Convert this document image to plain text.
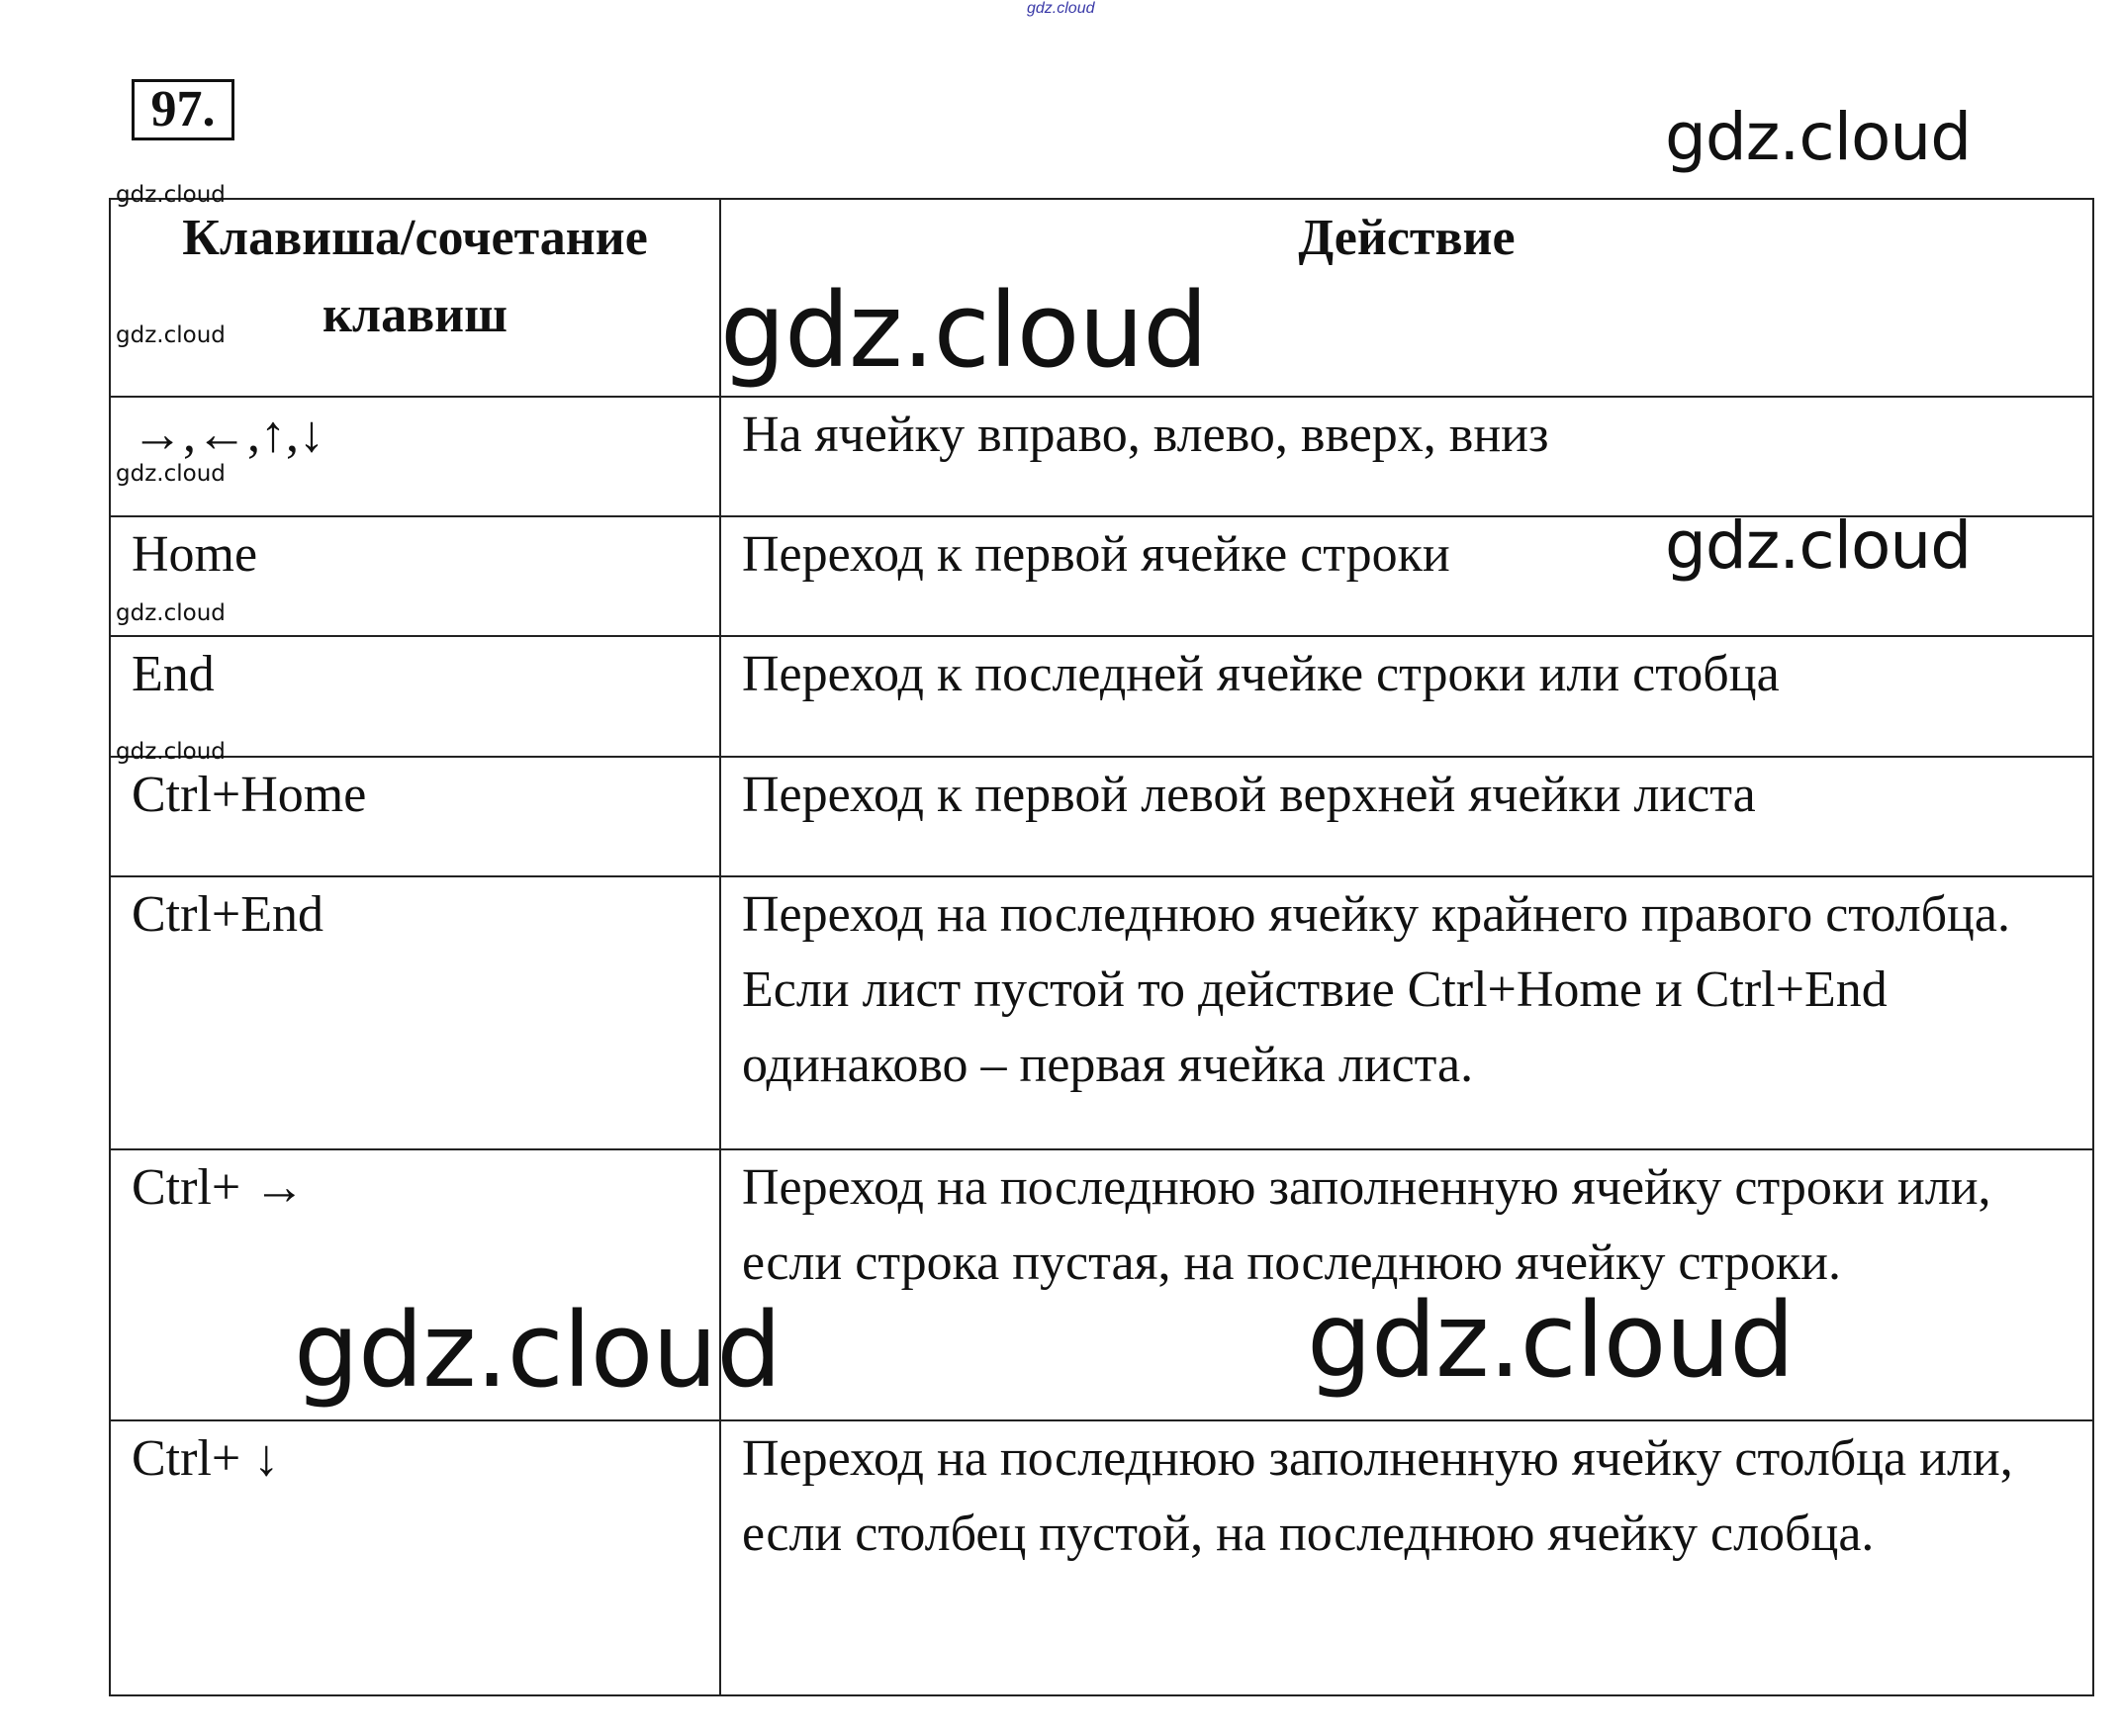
gdz.cloud
97.
Клавиша/сочетание клавиш	Действие
→,←,↑,↓	На ячейку вправо, влево, вверх, вниз
Home	Переход к первой ячейке строки
End	Переход к последней ячейке строки или стобца
Ctrl+Home	Переход к первой левой верхней ячейки листа
Ctrl+End	Переход на последнюю ячейку крайнего правого столбца. Если лист пустой то действие Ctrl+Home и Ctrl+End одинаково – первая ячейка листа.
Ctrl+ →	Переход на последнюю заполненную ячейку строки или, если строка пустая, на последнюю ячейку строки.
Ctrl+ ↓	Переход на последнюю заполненную ячейку столбца или, если столбец пустой, на последнюю ячейку слобца.
gdz.cloud
gdz.cloud
gdz.cloud	gdz.cloud
gdz.cloud
gdz.cloud
gdz.cloud
gdz.cloud
gdz.cloud	gdz.cloud
